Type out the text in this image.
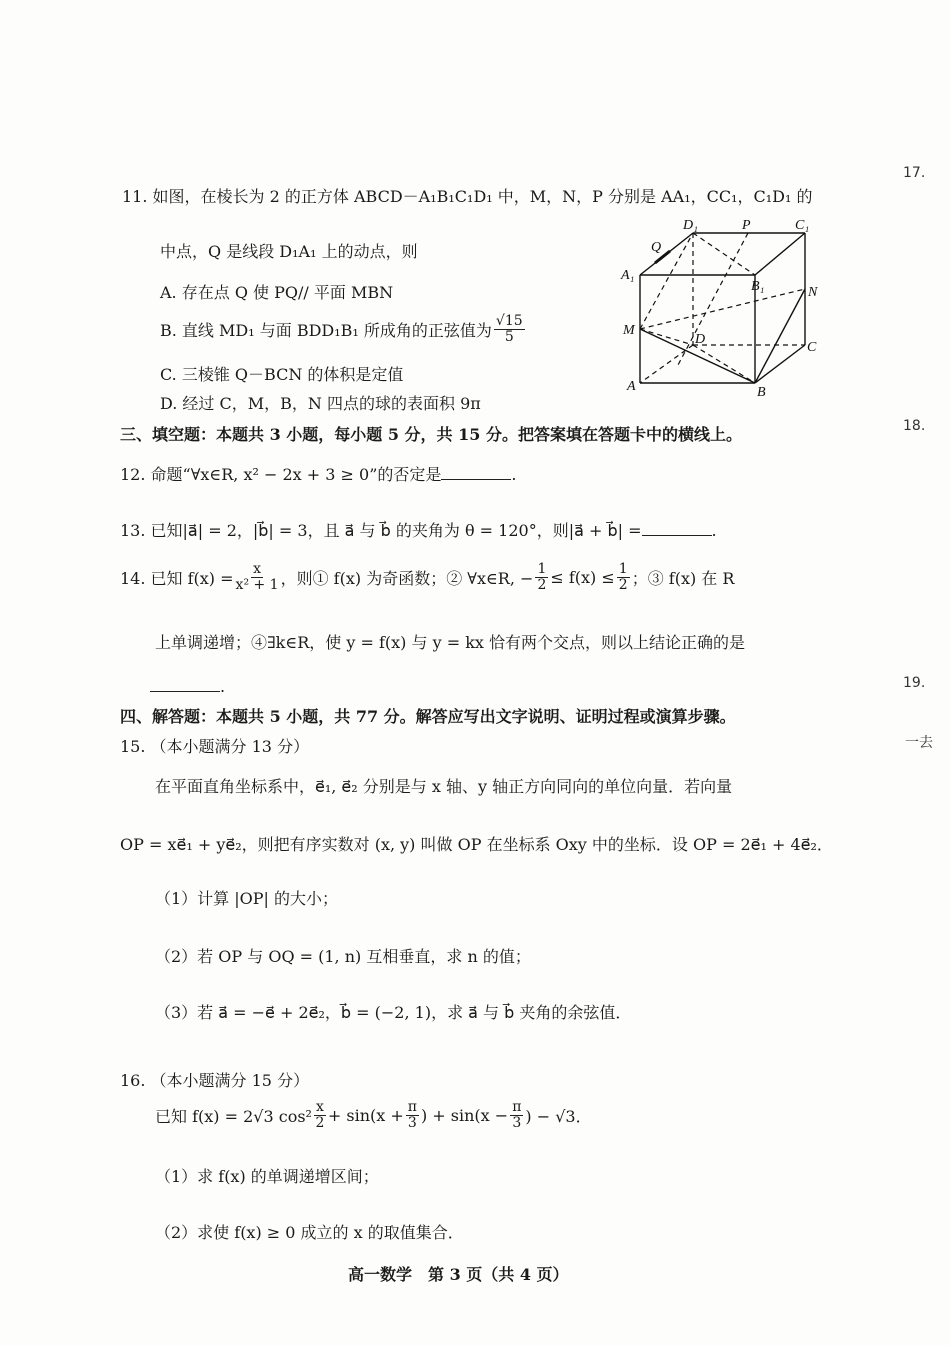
17.
18.
19.
一去
11. 如图，在棱长为 2 的正方体 ABCD－A₁B₁C₁D₁ 中，M，N，P 分别是 AA₁，CC₁，C₁D₁ 的
中点，Q 是线段 D₁A₁ 上的动点，则
A. 存在点 Q 使 PQ// 平面 MBN
B. 直线 MD₁ 与面 BDD₁B₁ 所成角的正弦值为 $\frac{√15}{5}$
C. 三棱锥 Q－BCN 的体积是定值
D. 经过 C，M，B，N 四点的球的表面积 9π
D₁	P	C₁
Q
A₁
B₁	N
M
D
C
A	B
三、填空题：本题共 3 小题，每小题 5 分，共 15 分。把答案填在答题卡中的横线上。
12. 命题“∀x∈R, x² − 2x + 3 ≥ 0”的否定是	.
13. 已知|a⃗| = 2，|b⃗| = 3，且 a⃗ 与 b⃗ 的夹角为 θ = 120°，则|a⃗ + b⃗| =	.
14. 已知 $f(x) = \frac{x}{\text{x² + 1}}$ ，则① f(x) 为奇函数；② ∀x∈R, − $\frac{1}{2} \le f(x) \le \frac{1}{2}$ ；③ f(x) 在 R
上单调递增；④∃k∈R，使 y = f(x) 与 y = kx 恰有两个交点，则以上结论正确的是
.
四、解答题：本题共 5 小题，共 77 分。解答应写出文字说明、证明过程或演算步骤。
15. （本小题满分 13 分）
在平面直角坐标系中，e⃗₁, e⃗₂ 分别是与 x 轴、y 轴正方向同向的单位向量．若向量
OP = xe⃗₁ + ye⃗₂，则把有序实数对 (x, y) 叫做 OP 在坐标系 Oxy 中的坐标．设 OP = 2e⃗₁ + 4e⃗₂．
（1）计算 |OP| 的大小；
（2）若 OP 与 OQ = (1, n) 互相垂直，求 n 的值；
（3）若 a⃗ = −e⃗ + 2e⃗₂，b⃗ = (−2, 1)，求 a⃗ 与 b⃗ 夹角的余弦值．
16. （本小题满分 15 分）
已知 f(x) = 2√3 $\cos^2 \frac{x}{2} + \sin(x + \frac{\pi}{3}$ ) + $\sin(x - \frac{\pi}{3}$ ) − √3．
（1）求 f(x) 的单调递增区间；
（2）求使 f(x) ≥ 0 成立的 x 的取值集合．
高一数学　第 3 页（共 4 页）
